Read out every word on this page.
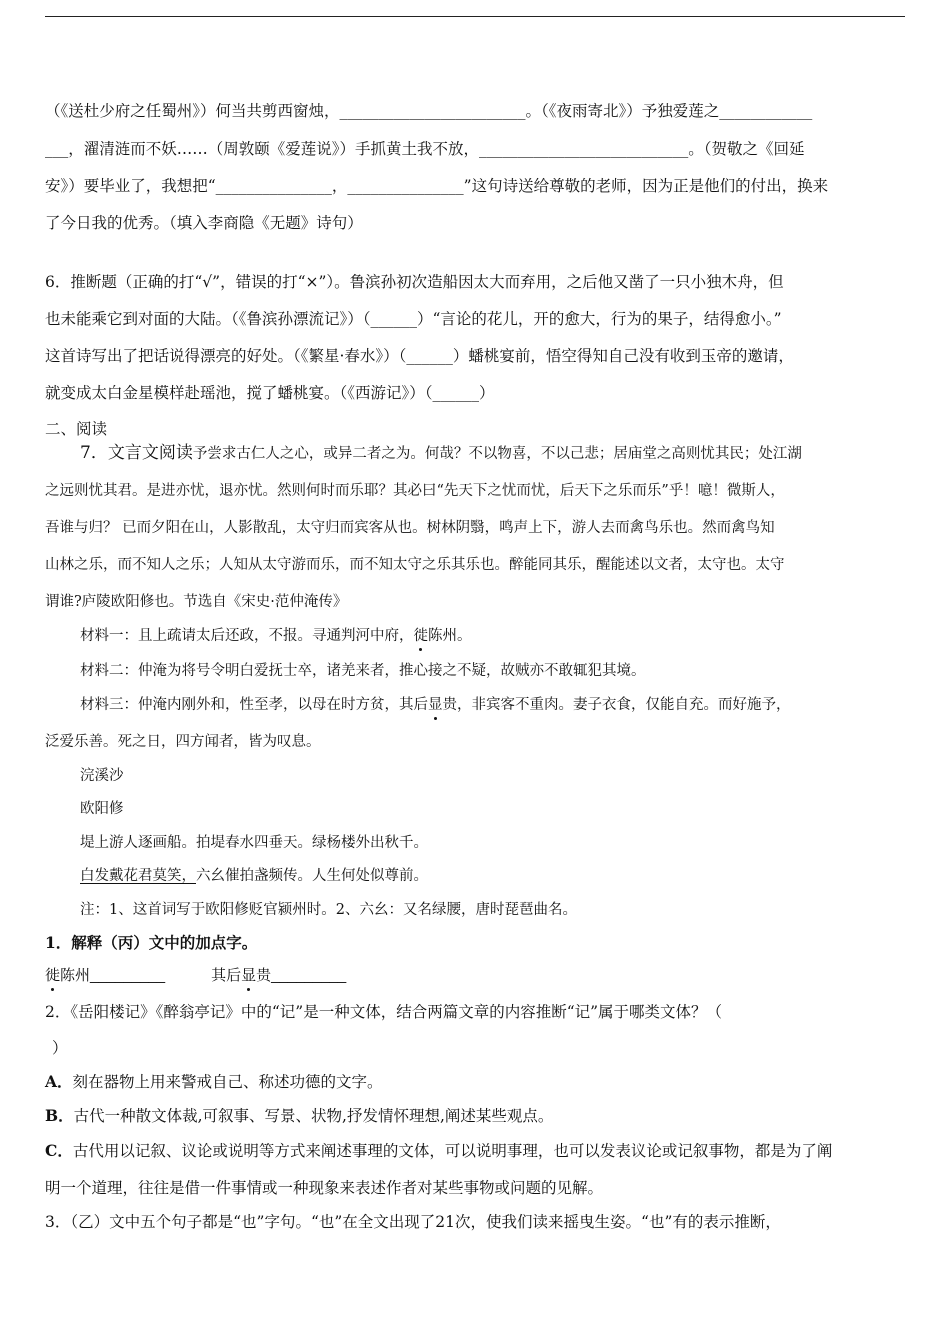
（《送杜少府之任蜀州》）何当共剪西窗烛，________________________。（《夜雨寄北》）予独爱莲之____________
___，濯清涟而不妖……（周敦颐《爱莲说》）手抓黄土我不放，___________________________。（贺敬之《回延
安》）要毕业了，我想把“_______________，_______________”这句诗送给尊敬的老师，因为正是他们的付出，换来
了今日我的优秀。（填入李商隐《无题》诗句）
6．推断题（正确的打“√”，错误的打“×”）。鲁滨孙初次造船因太大而弃用，之后他又凿了一只小独木舟，但
也未能乘它到对面的大陆。（《鲁滨孙漂流记》）（______）“言论的花儿，开的愈大，行为的果子，结得愈小。”
这首诗写出了把话说得漂亮的好处。（《繁星·春水》）（______）蟠桃宴前，悟空得知自己没有收到玉帝的邀请，
就变成太白金星模样赴瑶池，搅了蟠桃宴。（《西游记》）（______）
二、阅读
7．文言文阅读予尝求古仁人之心，或异二者之为。何哉？不以物喜，不以己悲；居庙堂之高则忧其民；处江湖
之远则忧其君。是进亦忧，退亦忧。然则何时而乐耶？其必曰“先天下之忧而忧，后天下之乐而乐”乎！噫！微斯人，
吾谁与归？ 已而夕阳在山，人影散乱，太守归而宾客从也。树林阴翳，鸣声上下，游人去而禽鸟乐也。然而禽鸟知
山林之乐，而不知人之乐；人知从太守游而乐，而不知太守之乐其乐也。醉能同其乐，醒能述以文者，太守也。太守
谓谁?庐陵欧阳修也。节选自《宋史·范仲淹传》
材料一：且上疏请太后还政，不报。寻通判河中府，徙陈州。
材料二：仲淹为将号令明白爱抚士卒，诸羌来者，推心接之不疑，故贼亦不敢辄犯其境。
材料三：仲淹内刚外和，性至孝，以母在时方贫，其后显贵，非宾客不重肉。妻子衣食，仅能自充。而好施予，
泛爱乐善。死之日，四方闻者，皆为叹息。
浣溪沙
欧阳修
堤上游人逐画船。拍堤春水四垂天。绿杨楼外出秋千。
白发戴花君莫笑，六幺催拍盏频传。人生何处似尊前。
注：1、这首词写于欧阳修贬官颍州时。2、六幺：又名绿腰，唐时琵琶曲名。
1．解释（丙）文中的加点字。
徙陈州_________	其后显贵_________
2．《岳阳楼记》《醉翁亭记》中的“记”是一种文体，结合两篇文章的内容推断“记”属于哪类文体？（
）
A．刻在器物上用来警戒自己、称述功德的文字。
B．古代一种散文体裁,可叙事、写景、状物,抒发情怀理想,阐述某些观点。
C．古代用以记叙、议论或说明等方式来阐述事理的文体，可以说明事理，也可以发表议论或记叙事物，都是为了阐
明一个道理，往往是借一件事情或一种现象来表述作者对某些事物或问题的见解。
3．（乙）文中五个句子都是“也”字句。“也”在全文出现了21次，使我们读来摇曳生姿。“也”有的表示推断，
